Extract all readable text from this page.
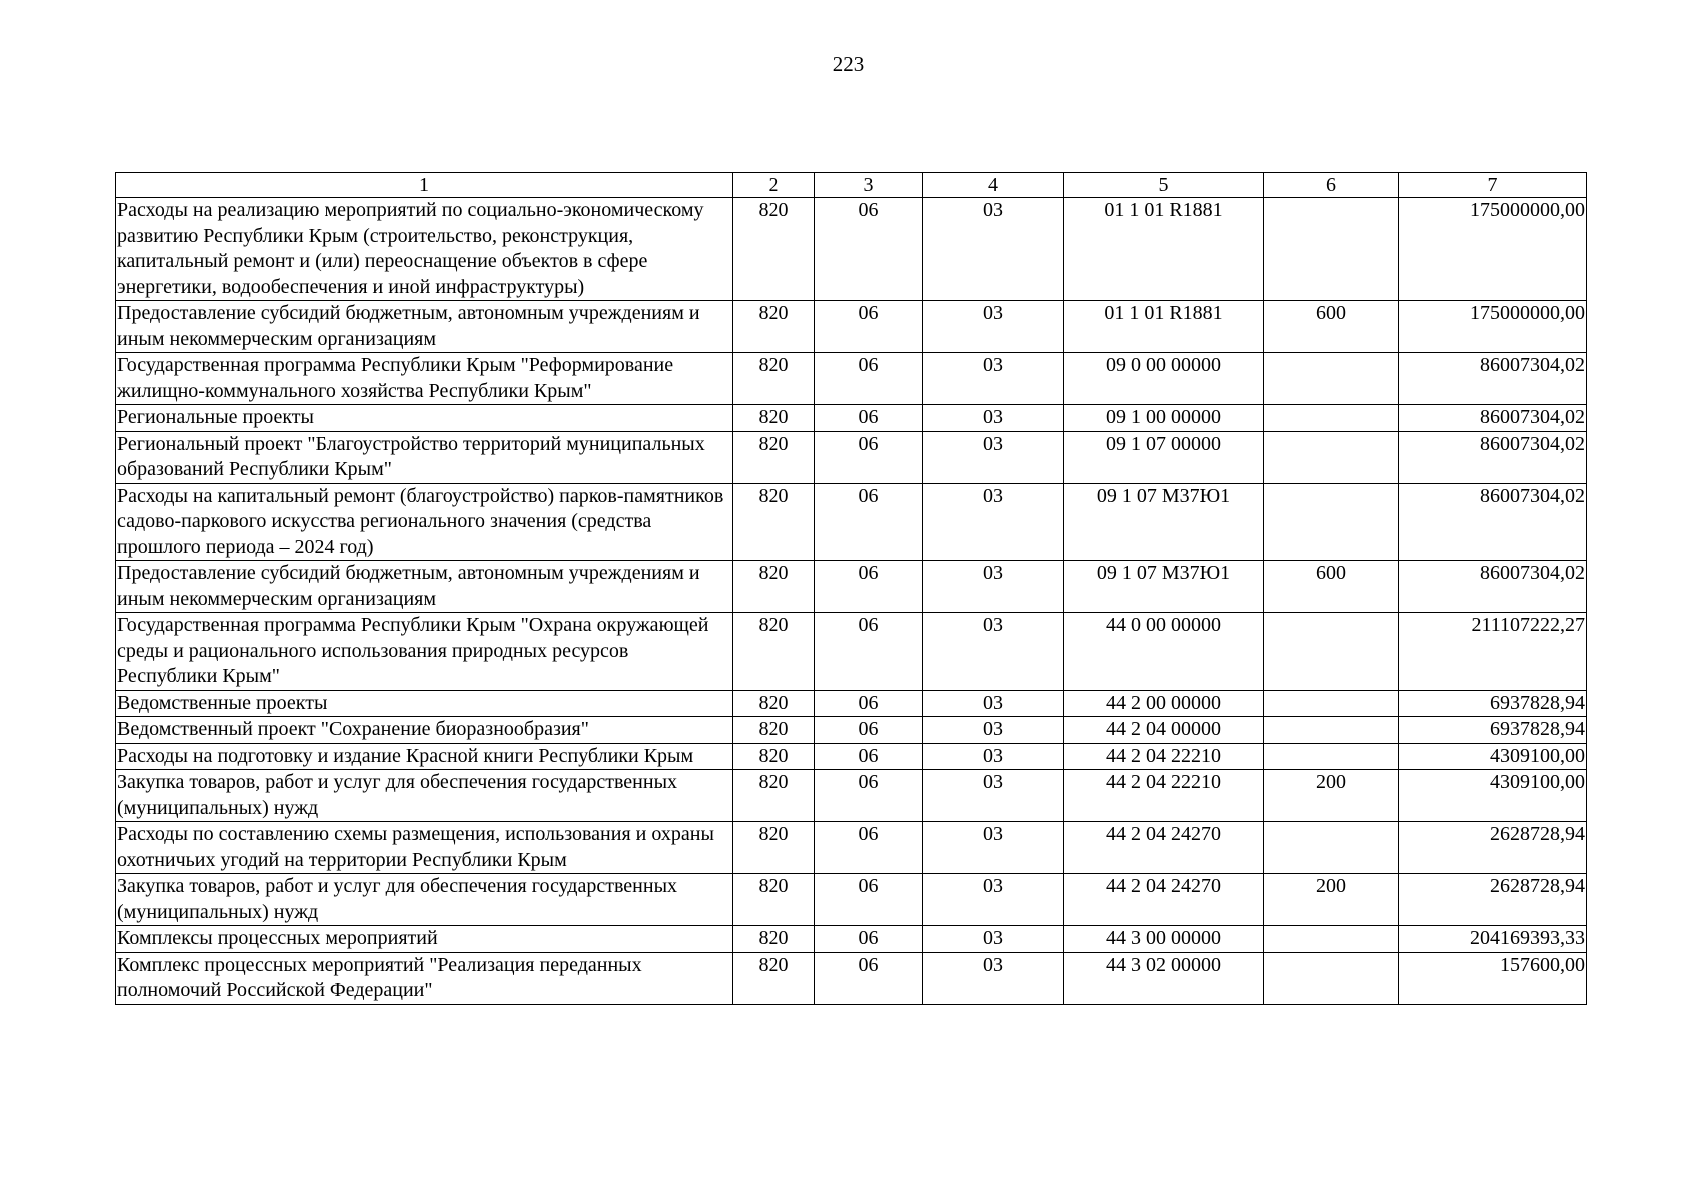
223
1	2	3	4	5	6	7
Расходы на реализацию мероприятий по социально-экономическому развитию Республики Крым (строительство, реконструкция, капитальный ремонт и (или) переоснащение объектов в сфере энергетики, водообеспечения и иной инфраструктуры)	820	06	03	01 1 01 R1881		175000000,00
Предоставление субсидий бюджетным, автономным учреждениям и иным некоммерческим организациям	820	06	03	01 1 01 R1881	600	175000000,00
Государственная программа Республики Крым "Реформирование жилищно-коммунального хозяйства Республики Крым"	820	06	03	09 0 00 00000		86007304,02
Региональные проекты	820	06	03	09 1 00 00000		86007304,02
Региональный проект "Благоустройство территорий муниципальных образований Республики Крым"	820	06	03	09 1 07 00000		86007304,02
Расходы на капитальный ремонт (благоустройство) парков-памятников садово-паркового искусства регионального значения (средства прошлого периода – 2024 год)	820	06	03	09 1 07 M37Ю1		86007304,02
Предоставление субсидий бюджетным, автономным учреждениям и иным некоммерческим организациям	820	06	03	09 1 07 M37Ю1	600	86007304,02
Государственная программа Республики Крым "Охрана окружающей среды и рационального использования природных ресурсов Республики Крым"	820	06	03	44 0 00 00000		211107222,27
Ведомственные проекты	820	06	03	44 2 00 00000		6937828,94
Ведомственный проект "Сохранение биоразнообразия"	820	06	03	44 2 04 00000		6937828,94
Расходы на подготовку и издание Красной книги Республики Крым	820	06	03	44 2 04 22210		4309100,00
Закупка товаров, работ и услуг для обеспечения государственных (муниципальных) нужд	820	06	03	44 2 04 22210	200	4309100,00
Расходы по составлению схемы размещения, использования и охраны охотничьих угодий на территории Республики Крым	820	06	03	44 2 04 24270		2628728,94
Закупка товаров, работ и услуг для обеспечения государственных (муниципальных) нужд	820	06	03	44 2 04 24270	200	2628728,94
Комплексы процессных мероприятий	820	06	03	44 3 00 00000		204169393,33
Комплекс процессных мероприятий "Реализация переданных полномочий Российской Федерации"	820	06	03	44 3 02 00000		157600,00
